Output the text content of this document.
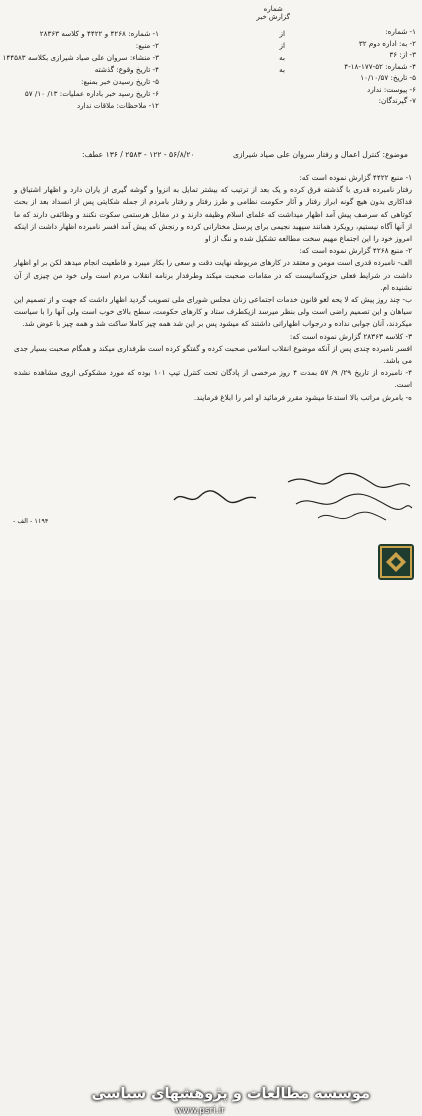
شماره
گزارش خبر
۱- شماره: ۴۲۶۸ و ۴۴۲۲ و کلاسه ۲۸۳۶۳
۲- منبع:
۳- منشاء: سروان علی صیاد شیرازی بکلاسه ۱۴۴۵۸۳
۴- تاریخ وقوع: گذشته
۵- تاریخ رسیدن خبر بمنبع:
۶- تاریخ رسید خبر باداره عملیات: ۱۳/ ۱۰/ ۵۷
۱۲- ملاحظات: ملاقات ندارد
از
از
به
به
۱- شماره:
۲- به: اداره دوم ۳۲
۳- از: ۳۶
۴- شماره: ۵۲-۱۷۷-۱۸-۴
۵- تاریخ: ۱۰/۱۰/۵۷
۶- پیوست: ندارد
۷- گیرندگان:
موضوع: کنترل اعمال و رفتار سروان علی صیاد شیرازی ۵۶/۸/۲۰ - ۱۲۲ - ۲۵۸۳ / ۱۳۶ عطف:

۱- منبع ۴۴۲۲ گزارش نموده است که:

رفتار نامبرده قدری با گذشته فرق کرده و یک بعد از ترتیب که بیشتر تمایل به انزوا و گوشه گیری از یاران دارد و اظهار اشتیاق و فداکاری بدون هیچ گونه ابراز رفتار و آثار حکومت نظامی و طرز رفتار و رفتار بامردم از جمله شکایتی پس از انسداد بعد از بحث کوتاهی که سرصف پیش آمد اظهار میداشت که علمای اسلام وظیفه دارند و در مقابل هرستمی سکوت نکنند و وظائفی دارند که ما از آنها آگاه نیستیم، رویکرد همانند سپهبد نجیمی برای پرسنل مختارانی کرده و رنجش که پیش آمد افسر نامبرده اظهار داشت از اینکه امروز خود را این اجتماع مهیم سخت مطالعه تشکیل شده و ننگ از او

۲- منبع ۴۲۶۸ گزارش نموده است که:

الف- نامبرده قدری است مومن و معتقد در کارهای مربوطه نهایت دقت و سعی را بکار میبرد و فاطعیت انجام میدهد لکن بر او اظهار داشت در شرایط فعلی حزوکسانیست که در مقامات صحبت میکند وطرفدار برنامه انقلاب مردم است ولی خود من چیزی از آن نشنیده ام.

ب- چند روز پیش که لا یحه لغو قانون خدمات اجتماعی زنان مجلس شورای ملی تصویب گردید اظهار داشت که جهت و از تصمیم این سیاهان و این تصمیم راضی است ولی بنظر میرسد ازیکطرف ستاد و کارهای حکومت، سطح بالای خوب است ولی آنها را با سیاست میکردند، آنان جوابی نداده و درجواب اظهاراتی داشتند که میشود پس بر این شد همه چیز کاملا ساکت شد و همه چیز با عوض شد.

۳- کلاسه ۲۸۳۶۳ گزارش نموده است که:

افسر نامبرده چندی پس از آنکه موضوع انقلاب اسلامی صحبت کرده و گفتگو کرده است طرفداری میکند و همگام صحبت بسیار جدی می باشد.

۴- نامبرده از تاریخ ۲۹/ ۹/ ۵۷ بمدت ۴ روز مرخصی از پادگان تحت کنترل تیپ ۱۰۱ بوده که مورد مشکوکی ازوی مشاهده نشده است.

ه- بامرش مراتب بالا استدعا میشود مقرر فرمائید او امر را ابلاغ فرمایند.

۱۱۹۴ - الف -
موسسه مطالعات و پژوهشهای سیاسی
www.psri.ir
